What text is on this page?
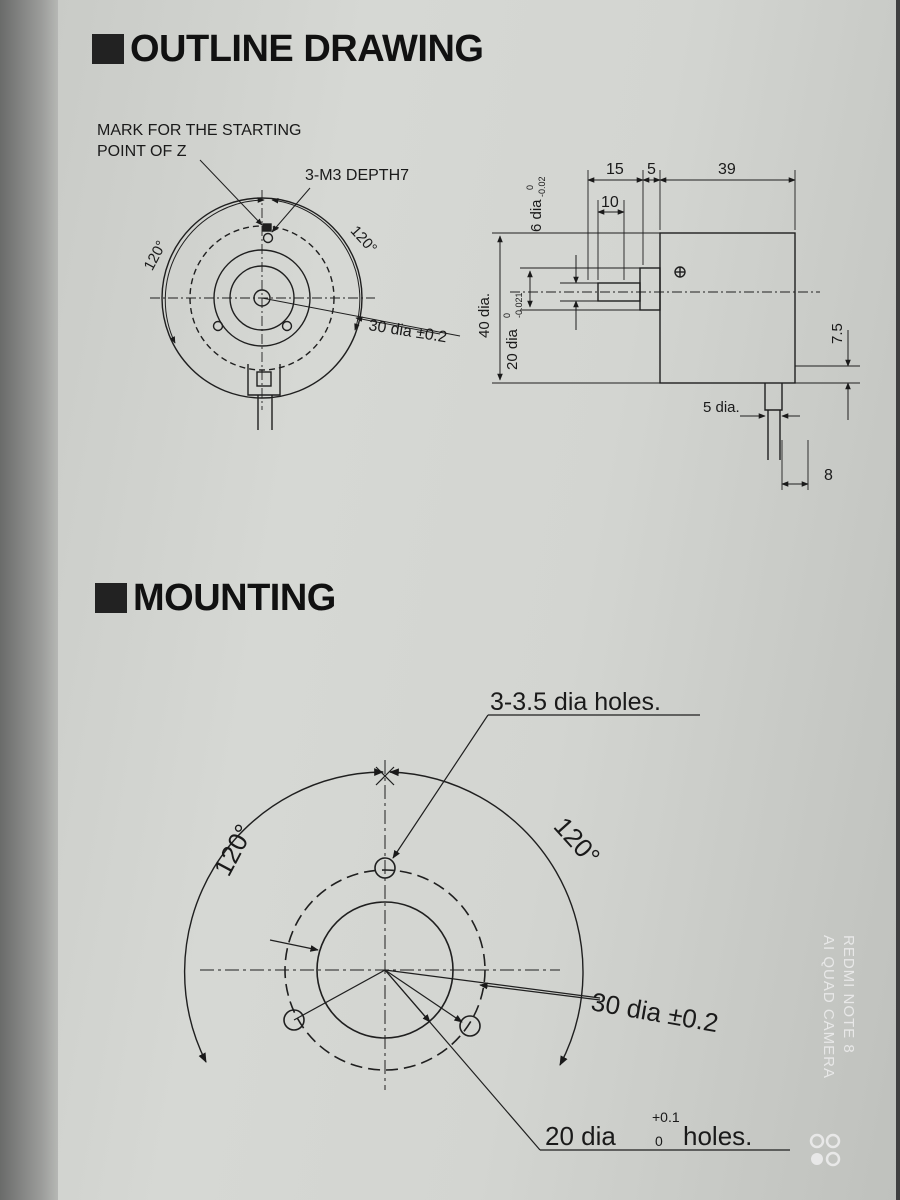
OUTLINE DRAWING
MOUNTING
MARK FOR THE STARTING
POINT OF Z
3-M3 DEPTH7
120°	120°
30 dia ±0.2
15 5	39
10
6 dia
0 -0.02
40 dia.
20 dia
0 -0.021
7.5
5 dia.
8
3-3.5 dia holes.
120°	120°
30 dia ±0.2
20 dia
+0.1
0 holes.
REDMI NOTE 8
AI QUAD CAMERA
